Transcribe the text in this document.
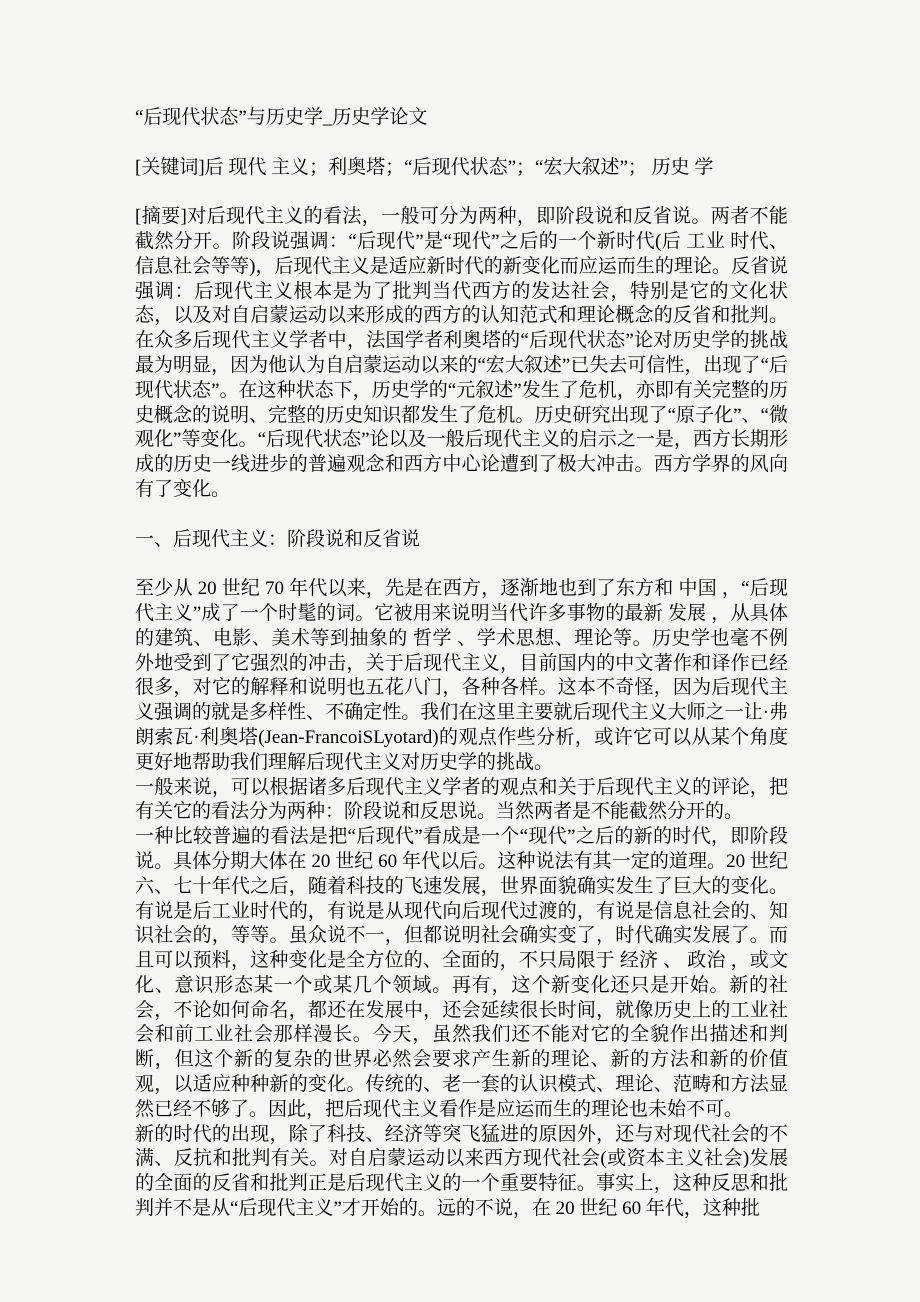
“后现代状态”与历史学_历史学论文

[关键词]后 现代 主义；利奥塔；“后现代状态”；“宏大叙述”； 历史 学

[摘要]对后现代主义的看法，一般可分为两种，即阶段说和反省说。两者不能截然分开。阶段说强调：“后现代”是“现代”之后的一个新时代(后 工业 时代、信息社会等等)，后现代主义是适应新时代的新变化而应运而生的理论。反省说强调：后现代主义根本是为了批判当代西方的发达社会，特别是它的文化状态，以及对自启蒙运动以来形成的西方的认知范式和理论概念的反省和批判。在众多后现代主义学者中，法国学者利奥塔的“后现代状态”论对历史学的挑战最为明显，因为他认为自启蒙运动以来的“宏大叙述”已失去可信性，出现了“后现代状态”。在这种状态下，历史学的“元叙述”发生了危机，亦即有关完整的历史概念的说明、完整的历史知识都发生了危机。历史研究出现了“原子化”、“微观化”等变化。“后现代状态”论以及一般后现代主义的启示之一是，西方长期形成的历史一线进步的普遍观念和西方中心论遭到了极大冲击。西方学界的风向有了变化。

一、后现代主义：阶段说和反省说

至少从 20 世纪 70 年代以来，先是在西方，逐渐地也到了东方和 中国 ，“后现代主义”成了一个时髦的词。它被用来说明当代许多事物的最新 发展 ，从具体的建筑、电影、美术等到抽象的 哲学 、学术思想、理论等。历史学也毫不例外地受到了它强烈的冲击，关于后现代主义，目前国内的中文著作和译作已经很多，对它的解释和说明也五花八门，各种各样。这本不奇怪，因为后现代主义强调的就是多样性、不确定性。我们在这里主要就后现代主义大师之一让·弗朗索瓦·利奥塔(Jean-FrancoiSLyotard)的观点作些分析，或许它可以从某个角度更好地帮助我们理解后现代主义对历史学的挑战。

一般来说，可以根据诸多后现代主义学者的观点和关于后现代主义的评论，把有关它的看法分为两种：阶段说和反思说。当然两者是不能截然分开的。

一种比较普遍的看法是把“后现代”看成是一个“现代”之后的新的时代，即阶段说。具体分期大体在 20 世纪 60 年代以后。这种说法有其一定的道理。20 世纪六、七十年代之后，随着科技的飞速发展，世界面貌确实发生了巨大的变化。有说是后工业时代的，有说是从现代向后现代过渡的，有说是信息社会的、知识社会的，等等。虽众说不一，但都说明社会确实变了，时代确实发展了。而且可以预料，这种变化是全方位的、全面的，不只局限于 经济 、 政治 ，或文化、意识形态某一个或某几个领域。再有，这个新变化还只是开始。新的社会，不论如何命名，都还在发展中，还会延续很长时间，就像历史上的工业社会和前工业社会那样漫长。今天，虽然我们还不能对它的全貌作出描述和判断，但这个新的复杂的世界必然会要求产生新的理论、新的方法和新的价值观，以适应种种新的变化。传统的、老一套的认识模式、理论、范畴和方法显然已经不够了。因此，把后现代主义看作是应运而生的理论也未始不可。

新的时代的出现，除了科技、经济等突飞猛进的原因外，还与对现代社会的不满、反抗和批判有关。对自启蒙运动以来西方现代社会(或资本主义社会)发展的全面的反省和批判正是后现代主义的一个重要特征。事实上，这种反思和批判并不是从“后现代主义”才开始的。远的不说，在 20 世纪 60 年代，这种批
